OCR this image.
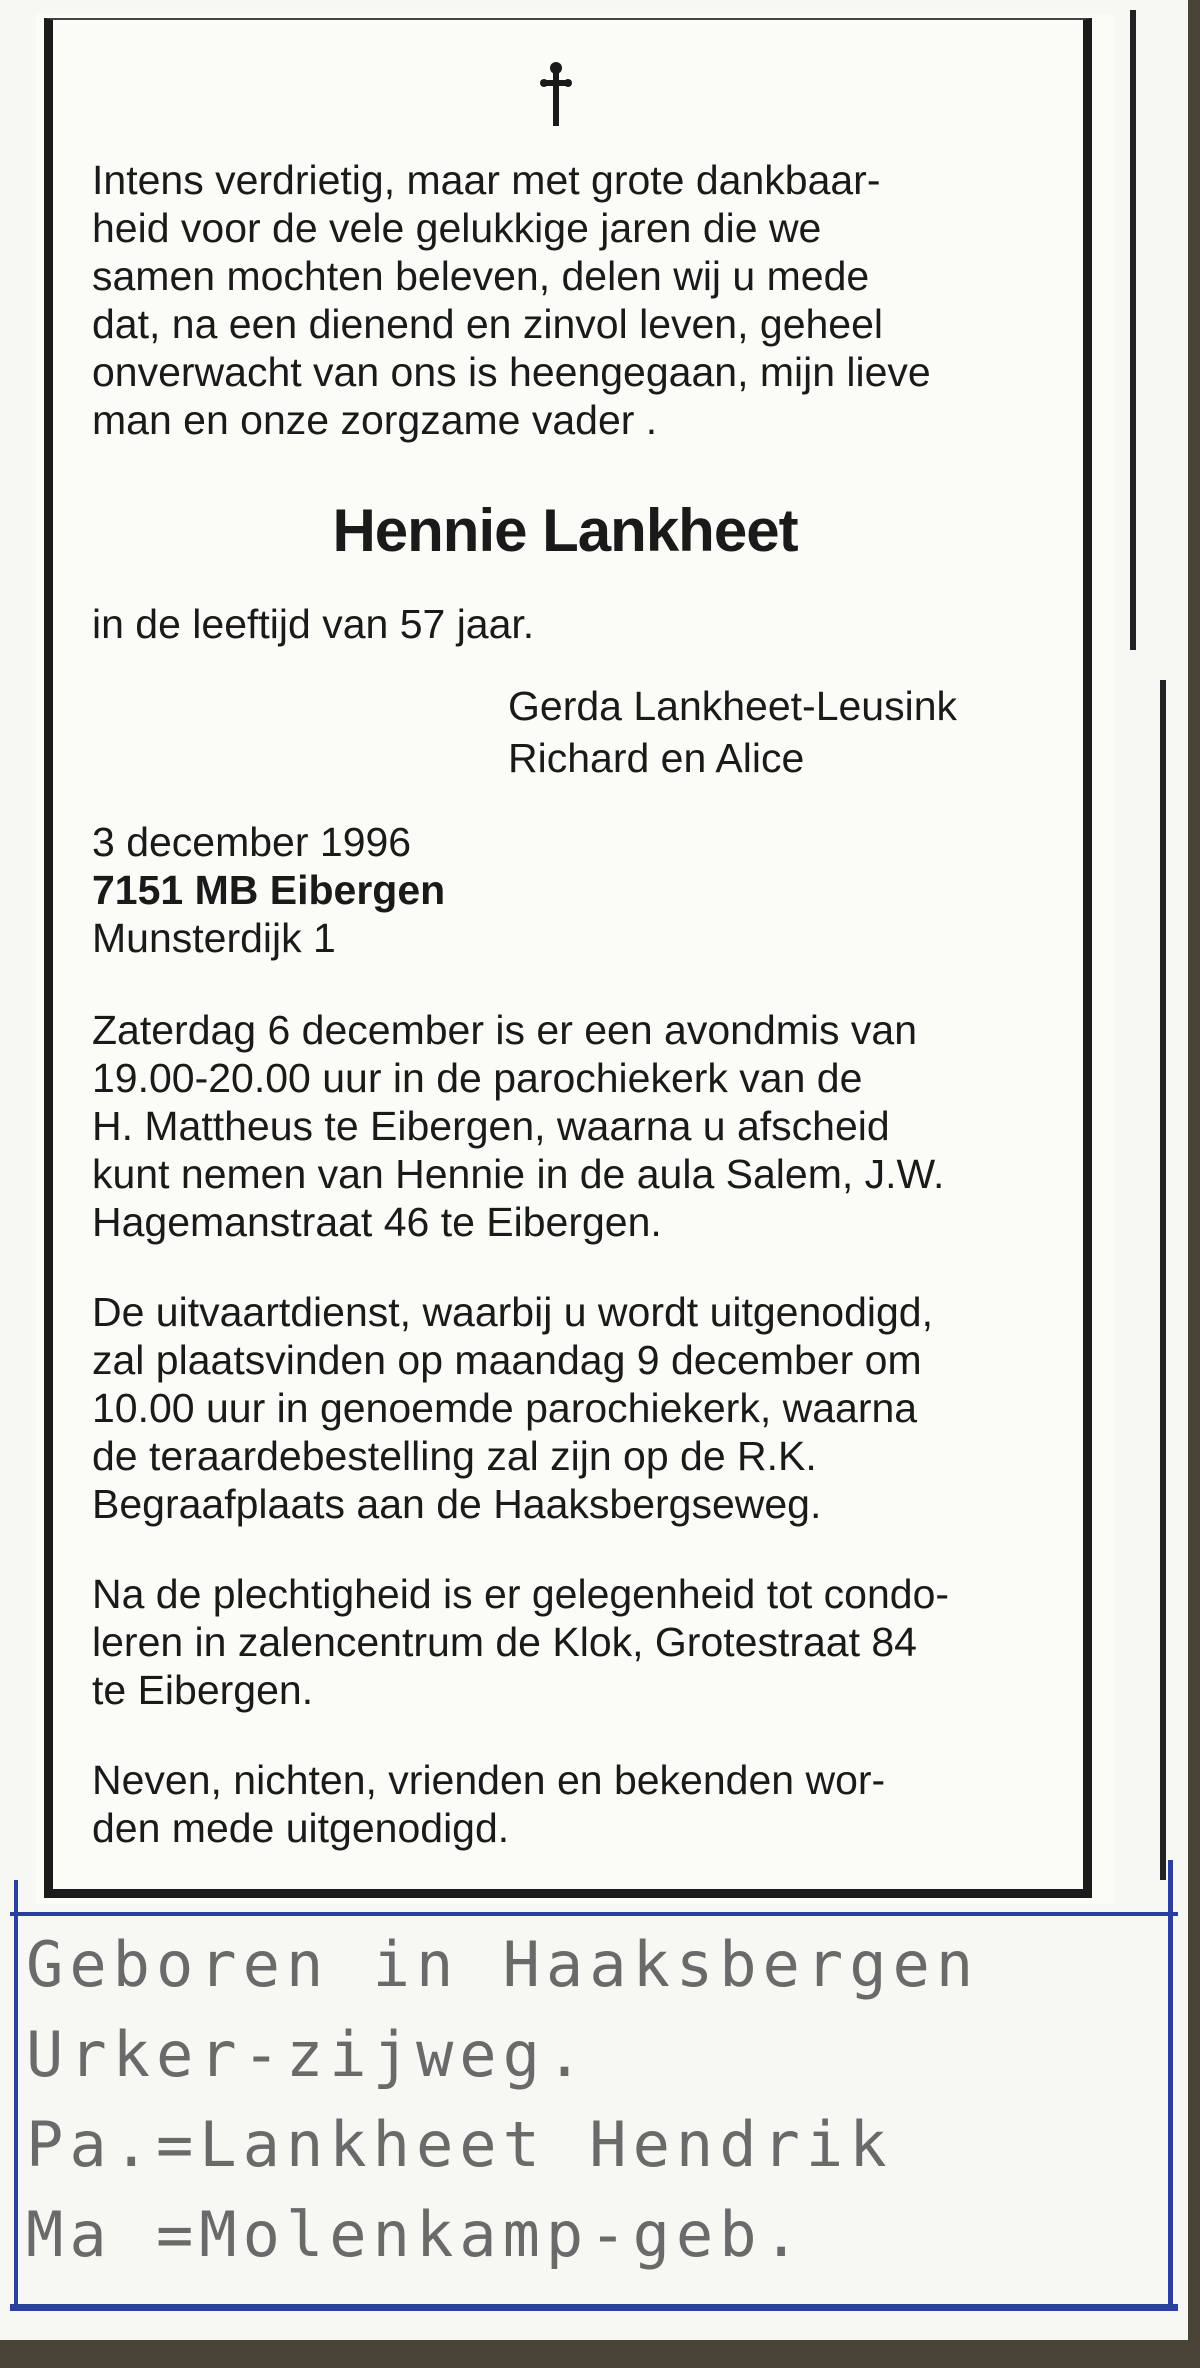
Intens verdrietig, maar met grote dankbaar-
heid voor de vele gelukkige jaren die we
samen mochten beleven, delen wij u mede
dat, na een dienend en zinvol leven, geheel
onverwacht van ons is heengegaan, mijn lieve
man en onze zorgzame vader .
Hennie Lankheet
in de leeftijd van 57 jaar.
Gerda Lankheet-Leusink
Richard en Alice
3 december 1996
7151 MB Eibergen
Munsterdijk 1
Zaterdag 6 december is er een avondmis van
19.00-20.00 uur in de parochiekerk van de
H. Mattheus te Eibergen, waarna u afscheid
kunt nemen van Hennie in de aula Salem, J.W.
Hagemanstraat 46 te Eibergen.
De uitvaartdienst, waarbij u wordt uitgenodigd,
zal plaatsvinden op maandag 9 december om
10.00 uur in genoemde parochiekerk, waarna
de teraardebestelling zal zijn op de R.K.
Begraafplaats aan de Haaksbergseweg.
Na de plechtigheid is er gelegenheid tot condo-
leren in zalencentrum de Klok, Grotestraat 84
te Eibergen.
Neven, nichten, vrienden en bekenden wor-
den mede uitgenodigd.
Geboren in Haaksbergen
Urker-zijweg.
Pa.=Lankheet Hendrik
Ma =Molenkamp-geb.
